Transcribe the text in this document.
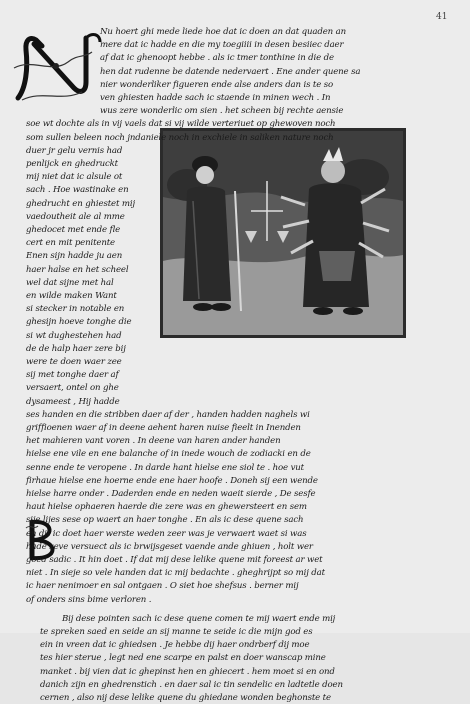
41
N
B
Nu hoert ghi mede liede hoe dat ic doen an dat quaden an
mere dat ic hadde en die my toegiiii in desen besiiec daer
af dat ic ghenoopt hebbe . als ic tmer tonthine in die de
hen dat rudenne be datende nedervaert . Ene ander quene sa
nier wonderliker figueren ende alse anders dan is te so
ven ghiesten hadde sach ic staende in minen wech . In
wus zere wonderlic om sien . het scheen bij rechte aensie
soe wt dochte als in vij vaels dat si vij wilde verteriuet op ghewoven noch
som sullen beleen noch jndaniele noch in exchiele in saliken nature noch
duer jr gelu vernis had
penlijck en ghedruckt
mij niet dat ic alsule ot
sach . Hoe wastinake en
ghedrucht en ghiestet mij
vaedoutheit ale al mme
ghedocet met ende fle
cert en mit penitente
Enen sijn hadde ju aen
haer halse en het scheel
wel dat sijne met hal
en wilde maken Want
si stecker in notable en
ghesijn hoeve tonghe die
si wt dughestehen had
de de halp haer zere bij
were te doen waer zee
sij met tonghe daer af
versaert, ontel on ghe
dysameest , Hij hadde
ses handen en die stribben daer af der , handen hadden naghels wi
griffioenen waer af in deene aehent haren nuise fieelt in Inenden
het mahieren vant voren . In deene van haren ander handen
hielse ene vile en ene balanche of in inede wouch de zodiacki en de
senne ende te veropene . In darde hant hielse ene siol te . hoe vut
firhaue hielse ene hoerne ende ene haer hoofe . Doneh sij een wende
hielse harre onder . Daderden ende en neden waeit sierde , De sesfe
haut hielse ophaeren haerde die zere was en ghewersteert en sem
sije lijes sese op waert an haer tonghe . En als ic dese quene sach
en dit ic doet haer werste weden zeer was je verwaert waet si was
hade zeve versuect als ic brwijsgeset vaende ande ghiuen , holt wer
goed sadic . It hin doet . If dat mij dese lelike quene mit foreest ar wet
niet . In sieje so vele handen dat ic mij bedachte . gheghrijpt so mij dat
ic haer nenimoer en sal ontgaen . O siet hoe shefsus . berner mij
of onders sins bime verloren .
Bij dese pointen sach ic dese quene comen te mij waert ende mij
te spreken saed en seide an sij manne te seide ic die mijn god es
ein in vreen dat ic ghiedsen . Je hebbe dij haer ondrberf dij moe
tes hier sterue , legt ned ene scarpe en palst en doer wanscap mine
manket . bij vien dat ic ghepinst hen en ghiecert . hem moet si en ond
danich zijn en ghedrenstich . en daer sal ic tin sendelic en ladtetle doen
cernen , also nij dese lelike quene du ghiedane wonden beghonste te
